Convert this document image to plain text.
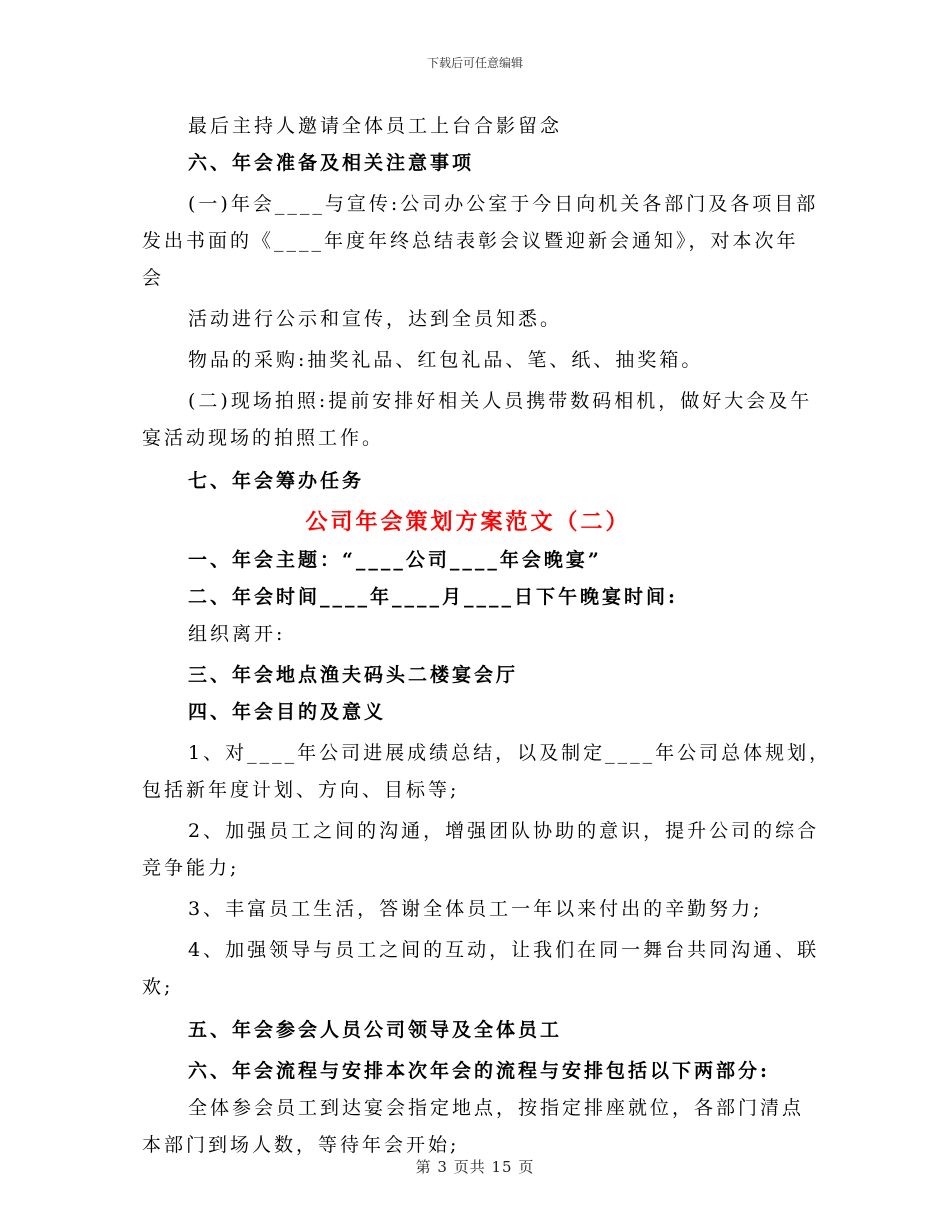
下载后可任意编辑
最后主持人邀请全体员工上台合影留念
六、年会准备及相关注意事项
(一)年会____与宣传:公司办公室于今日向机关各部门及各项目部
发出书面的《____年度年终总结表彰会议暨迎新会通知》，对本次年
会
活动进行公示和宣传，达到全员知悉。
物品的采购:抽奖礼品、红包礼品、笔、纸、抽奖箱。
(二)现场拍照:提前安排好相关人员携带数码相机，做好大会及午
宴活动现场的拍照工作。
七、年会筹办任务
公司年会策划方案范文（二）
一、年会主题：“____公司____年会晚宴”
二、年会时间____年____月____日下午晚宴时间:
组织离开:
三、年会地点渔夫码头二楼宴会厅
四、年会目的及意义
1、对____年公司进展成绩总结，以及制定____年公司总体规划，
包括新年度计划、方向、目标等;
2、加强员工之间的沟通，增强团队协助的意识，提升公司的综合
竞争能力;
3、丰富员工生活，答谢全体员工一年以来付出的辛勤努力;
4、加强领导与员工之间的互动，让我们在同一舞台共同沟通、联
欢;
五、年会参会人员公司领导及全体员工
六、年会流程与安排本次年会的流程与安排包括以下两部分:
全体参会员工到达宴会指定地点，按指定排座就位，各部门清点
本部门到场人数，等待年会开始;
第 3 页共 15 页
